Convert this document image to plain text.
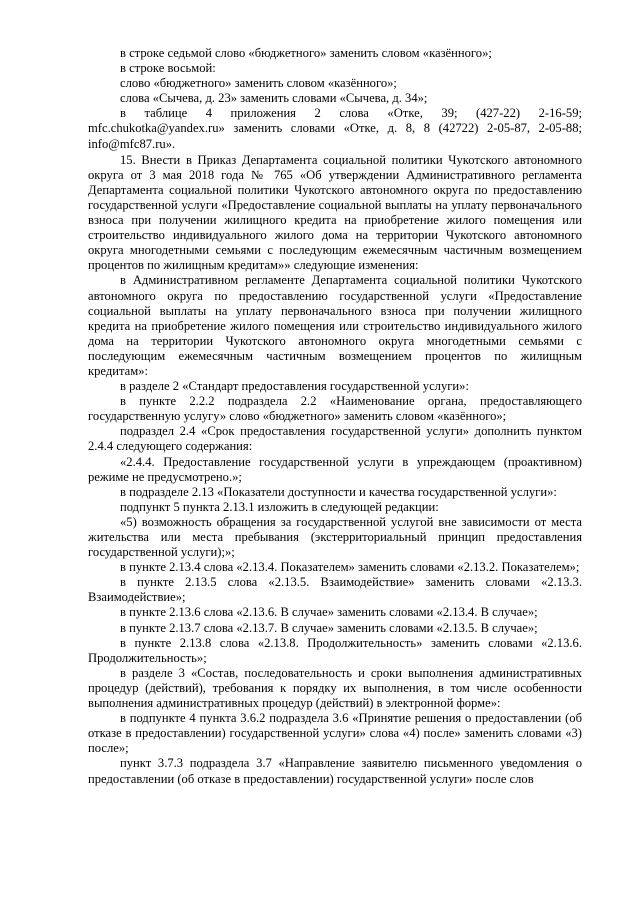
в строке седьмой слово «бюджетного» заменить словом «казённого»;

в строке восьмой:

слово «бюджетного» заменить словом «казённого»;

слова «Сычева, д. 23» заменить словами «Сычева, д. 34»;

в таблице 4 приложения 2 слова «Отке, 39; (427-22) 2-16-59; mfc.chukotka@yandex.ru» заменить словами «Отке, д. 8, 8 (42722) 2-05-87, 2-05-88; info@mfc87.ru».

15. Внести в Приказ Департамента социальной политики Чукотского автономного округа от 3 мая 2018 года № 765 «Об утверждении Административного регламента Департамента социальной политики Чукотского автономного округа по предоставлению государственной услуги «Предоставление социальной выплаты на уплату первоначального взноса при получении жилищного кредита на приобретение жилого помещения или строительство индивидуального жилого дома на территории Чукотского автономного округа многодетными семьями с последующим ежемесячным частичным возмещением процентов по жилищным кредитам»» следующие изменения:

в Административном регламенте Департамента социальной политики Чукотского автономного округа по предоставлению государственной услуги «Предоставление социальной выплаты на уплату первоначального взноса при получении жилищного кредита на приобретение жилого помещения или строительство индивидуального жилого дома на территории Чукотского автономного округа многодетными семьями с последующим ежемесячным частичным возмещением процентов по жилищным кредитам»:

в разделе 2 «Стандарт предоставления государственной услуги»:

в пункте 2.2.2 подраздела 2.2 «Наименование органа, предоставляющего государственную услугу» слово «бюджетного» заменить словом «казённого»;

подраздел 2.4 «Срок предоставления государственной услуги» дополнить пунктом 2.4.4 следующего содержания:

«2.4.4. Предоставление государственной услуги в упреждающем (проактивном) режиме не предусмотрено.»;

в подразделе 2.13 «Показатели доступности и качества государственной услуги»:

подпункт 5 пункта 2.13.1 изложить в следующей редакции:

«5) возможность обращения за государственной услугой вне зависимости от места жительства или места пребывания (экстерриториальный принцип предоставления государственной услуги);»;

в пункте 2.13.4 слова «2.13.4. Показателем» заменить словами «2.13.2. Показателем»;

в пункте 2.13.5 слова «2.13.5. Взаимодействие» заменить словами «2.13.3. Взаимодействие»;

в пункте 2.13.6 слова «2.13.6. В случае» заменить словами «2.13.4. В случае»;

в пункте 2.13.7 слова «2.13.7. В случае» заменить словами «2.13.5. В случае»;

в пункте 2.13.8 слова «2.13.8. Продолжительность» заменить словами «2.13.6. Продолжительность»;

в разделе 3 «Состав, последовательность и сроки выполнения административных процедур (действий), требования к порядку их выполнения, в том числе особенности выполнения административных процедур (действий) в электронной форме»:

в подпункте 4 пункта 3.6.2 подраздела 3.6 «Принятие решения о предоставлении (об отказе в предоставлении) государственной услуги» слова «4) после» заменить словами «3) после»;

пункт 3.7.3 подраздела 3.7 «Направление заявителю письменного уведомления о предоставлении (об отказе в предоставлении) государственной услуги» после слов
